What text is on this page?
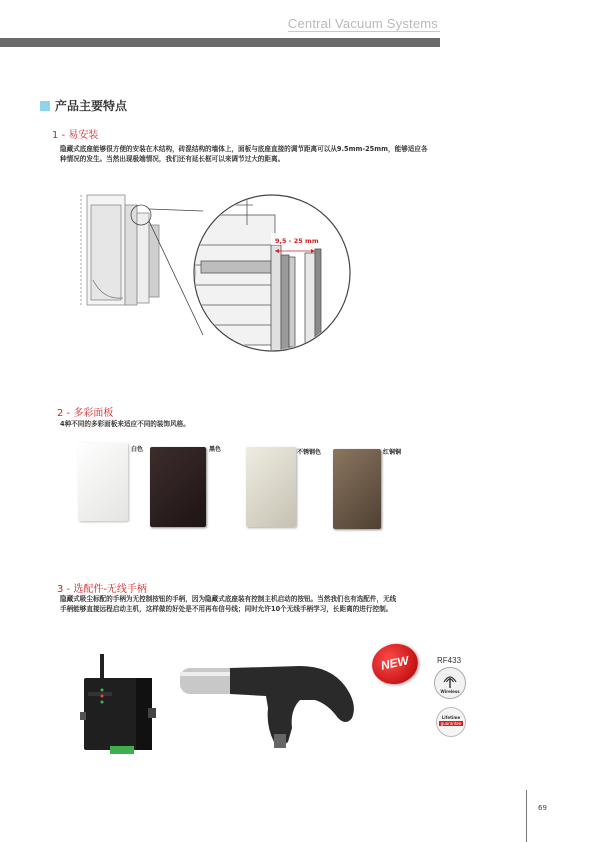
Central Vacuum Systems
产品主要特点
1 - 易安装
隐藏式底座能够很方便的安装在木结构，砖混结构的墙体上，面板与底座直接的调节距离可以从9.5mm-25mm，能够适应各
种情况的发生。当然出现极端情况，我们还有延长框可以来调节过大的距离。
9,5 - 25 mm
2 - 多彩面板
4种不同的多彩面板来适应不同的装饰风格。
白色	黑色	不锈钢色	红铜铜
3 - 选配件-无线手柄
隐藏式吸尘标配的手柄为无控制按钮的手柄，因为隐藏式底座装有控制主机启动的按钮。当然我们也有选配件，无线
手柄能够直接远程启动主机，这样做的好处是不用再布信号线；同时允许10个无线手柄学习，长距离的进行控制。
NEW	RF433
Wireless
Lifetime
guarantee
69
